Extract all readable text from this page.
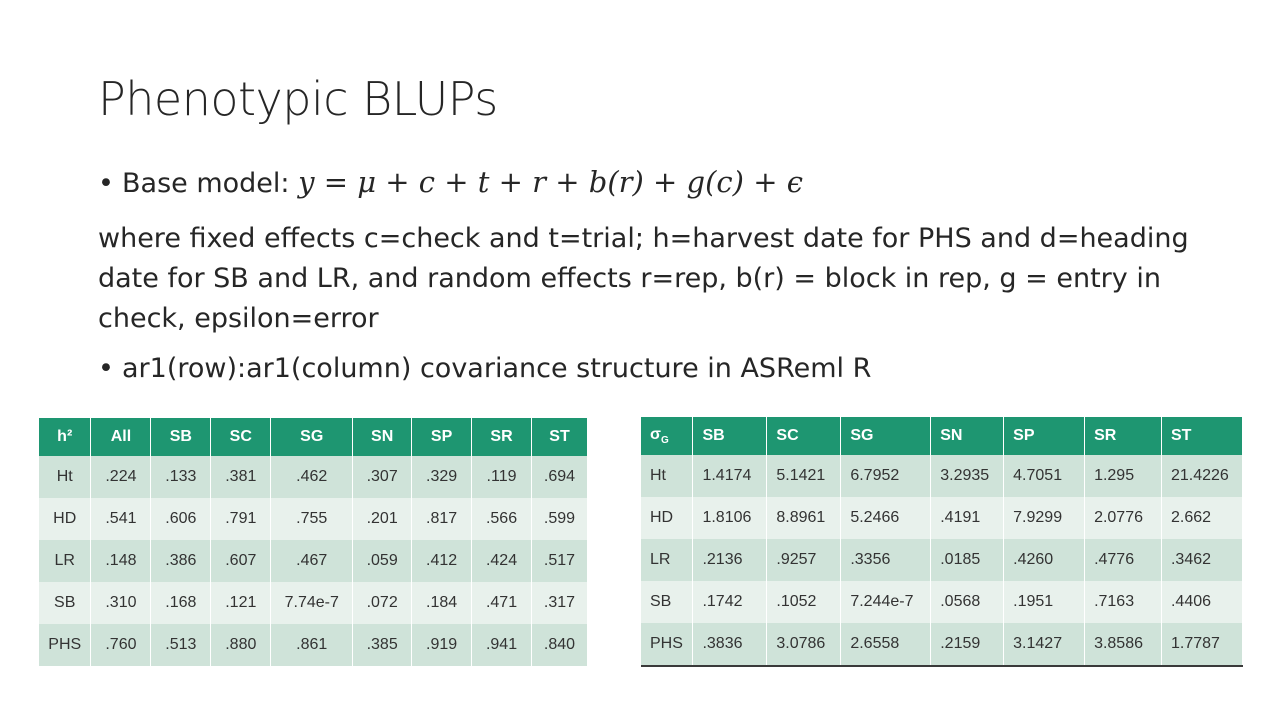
Phenotypic BLUPs
• Base model: y = μ + c + t + r + b(r) + g(c) + ϵ
where fixed effects c=check and t=trial; h=harvest date for PHS and d=heading date for SB and LR, and random effects r=rep, b(r) = block in rep, g = entry in check, epsilon=error
• ar1(row):ar1(column) covariance structure in ASReml R
h²	All	SB	SC	SG	SN	SP	SR	ST
Ht	.224	.133	.381	.462	.307	.329	.119	.694
HD	.541	.606	.791	.755	.201	.817	.566	.599
LR	.148	.386	.607	.467	.059	.412	.424	.517
SB	.310	.168	.121	7.74e-7	.072	.184	.471	.317
PHS	.760	.513	.880	.861	.385	.919	.941	.840
$\sigma_G$	SB	SC	SG	SN	SP	SR	ST
Ht	1.4174	5.1421	6.7952	3.2935	4.7051	1.295	21.4226
HD	1.8106	8.8961	5.2466	.4191	7.9299	2.0776	2.662
LR	.2136	.9257	.3356	.0185	.4260	.4776	.3462
SB	.1742	.1052	7.244e-7	.0568	.1951	.7163	.4406
PHS	.3836	3.0786	2.6558	.2159	3.1427	3.8586	1.7787
